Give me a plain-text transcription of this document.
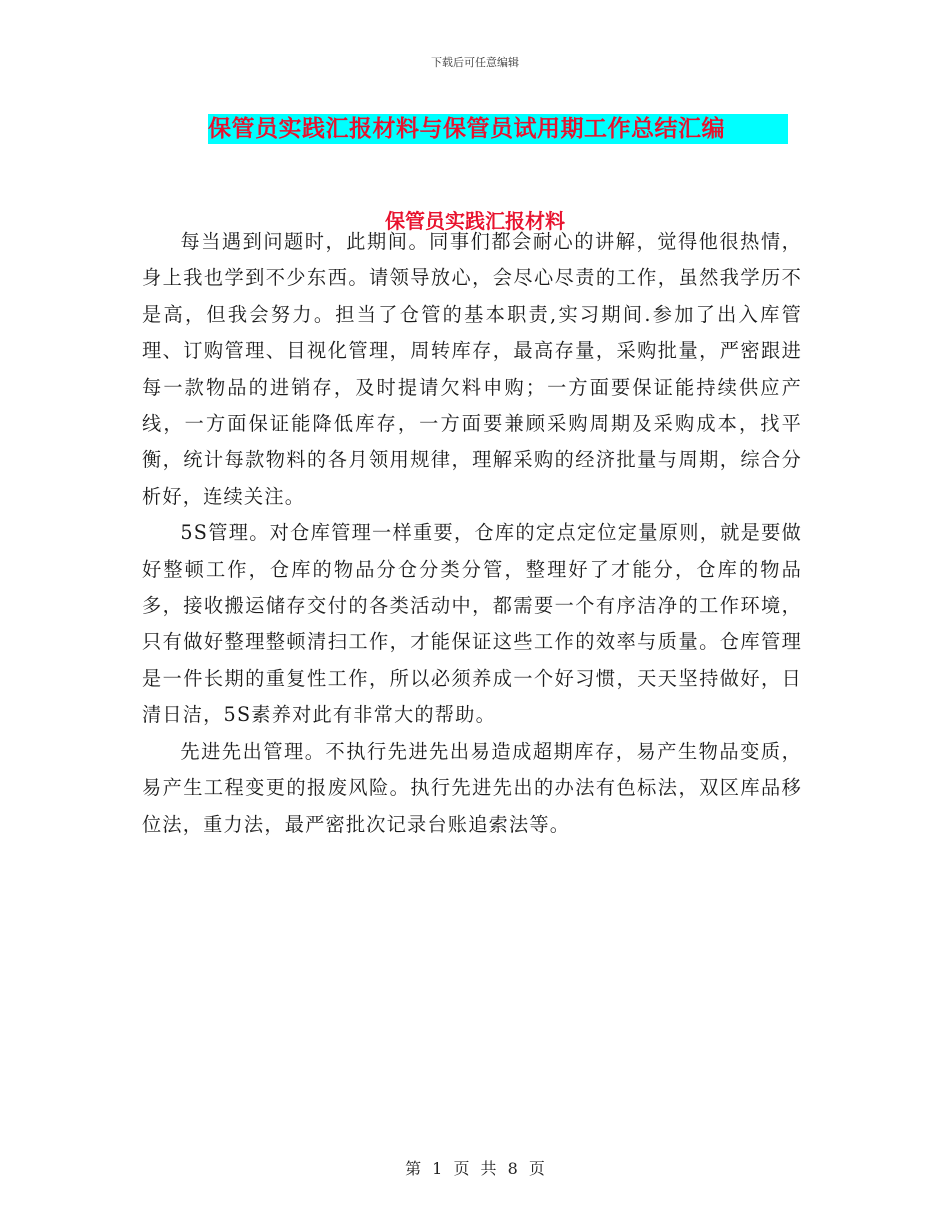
下载后可任意编辑
保管员实践汇报材料与保管员试用期工作总结汇编
保管员实践汇报材料

每当遇到问题时，此期间。同事们都会耐心的讲解，觉得他很热情，身上我也学到不少东西。请领导放心，会尽心尽责的工作，虽然我学历不是高，但我会努力。担当了仓管的基本职责,实习期间.参加了出入库管理、订购管理、目视化管理，周转库存，最高存量，采购批量，严密跟进每一款物品的进销存，及时提请欠料申购；一方面要保证能持续供应产线，一方面保证能降低库存，一方面要兼顾采购周期及采购成本，找平衡，统计每款物料的各月领用规律，理解采购的经济批量与周期，综合分析好，连续关注。

5S管理。对仓库管理一样重要，仓库的定点定位定量原则，就是要做好整顿工作，仓库的物品分仓分类分管，整理好了才能分，仓库的物品多，接收搬运储存交付的各类活动中，都需要一个有序洁净的工作环境，只有做好整理整顿清扫工作，才能保证这些工作的效率与质量。仓库管理是一件长期的重复性工作，所以必须养成一个好习惯，天天坚持做好，日清日洁，5S素养对此有非常大的帮助。

先进先出管理。不执行先进先出易造成超期库存，易产生物品变质，易产生工程变更的报废风险。执行先进先出的办法有色标法，双区库品移位法，重力法，最严密批次记录台账追索法等。

第 1 页 共 8 页
